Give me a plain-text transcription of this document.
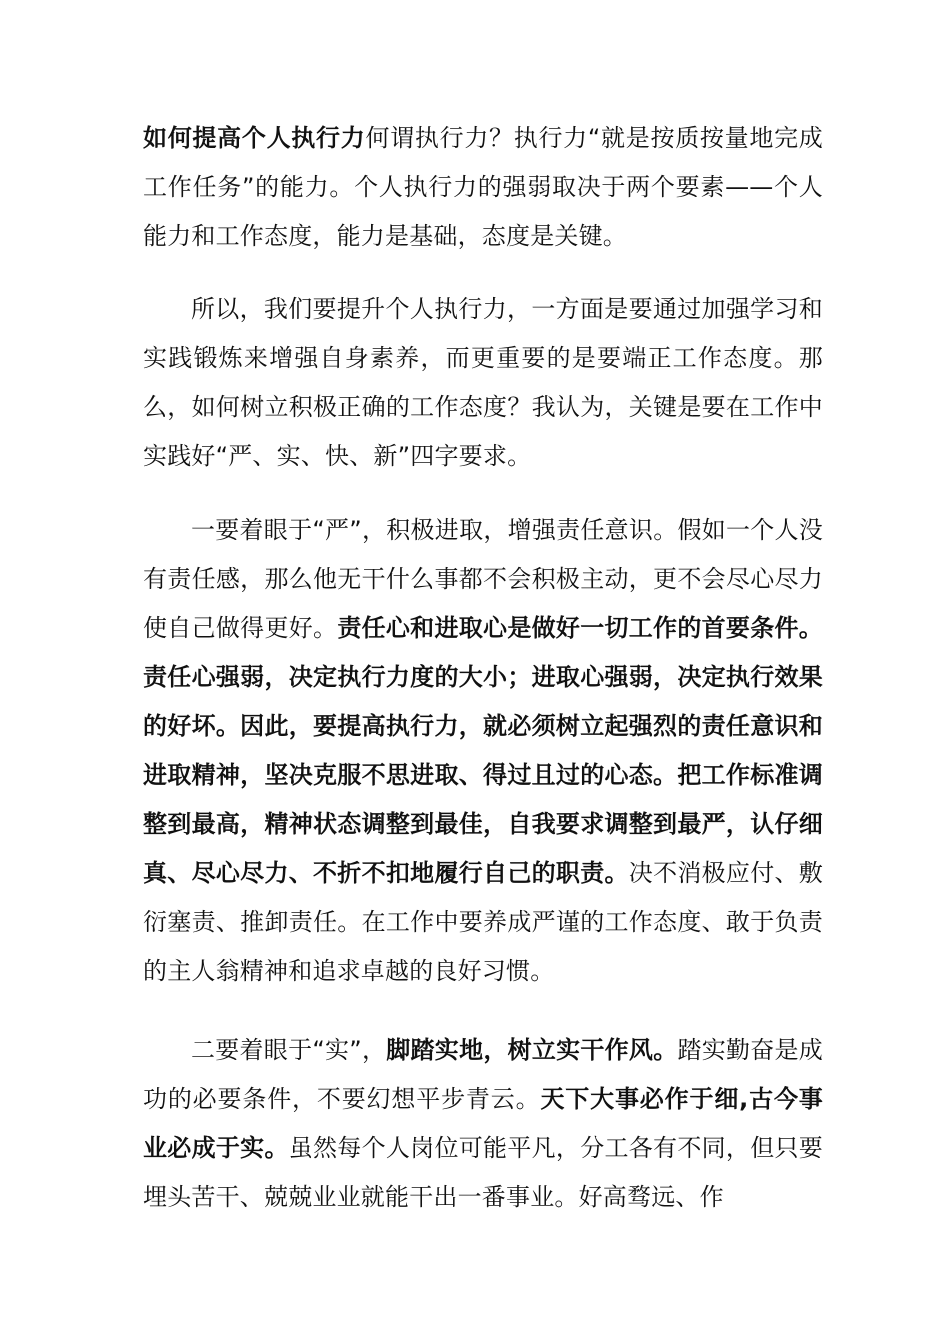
如何提高个人执行力何谓执行力？执行力“就是按质按量地完成工作任务”的能力。个人执行力的强弱取决于两个要素——个人能力和工作态度，能力是基础，态度是关键。

所以，我们要提升个人执行力，一方面是要通过加强学习和实践锻炼来增强自身素养，而更重要的是要端正工作态度。那么，如何树立积极正确的工作态度？我认为，关键是要在工作中实践好“严、实、快、新”四字要求。

一要着眼于“严”，积极进取，增强责任意识。假如一个人没有责任感，那么他无干什么事都不会积极主动，更不会尽心尽力使自己做得更好。责任心和进取心是做好一切工作的首要条件。责任心强弱，决定执行力度的大小；进取心强弱，决定执行效果的好坏。因此，要提高执行力，就必须树立起强烈的责任意识和进取精神，坚决克服不思进取、得过且过的心态。把工作标准调整到最高，精神状态调整到最佳，自我要求调整到最严，认仔细真、尽心尽力、不折不扣地履行自己的职责。决不消极应付、敷衍塞责、推卸责任。在工作中要养成严谨的工作态度、敢于负责的主人翁精神和追求卓越的良好习惯。

二要着眼于“实”，脚踏实地，树立实干作风。踏实勤奋是成功的必要条件，不要幻想平步青云。天下大事必作于细,古今事业必成于实。虽然每个人岗位可能平凡，分工各有不同，但只要埋头苦干、兢兢业业就能干出一番事业。好高骛远、作
